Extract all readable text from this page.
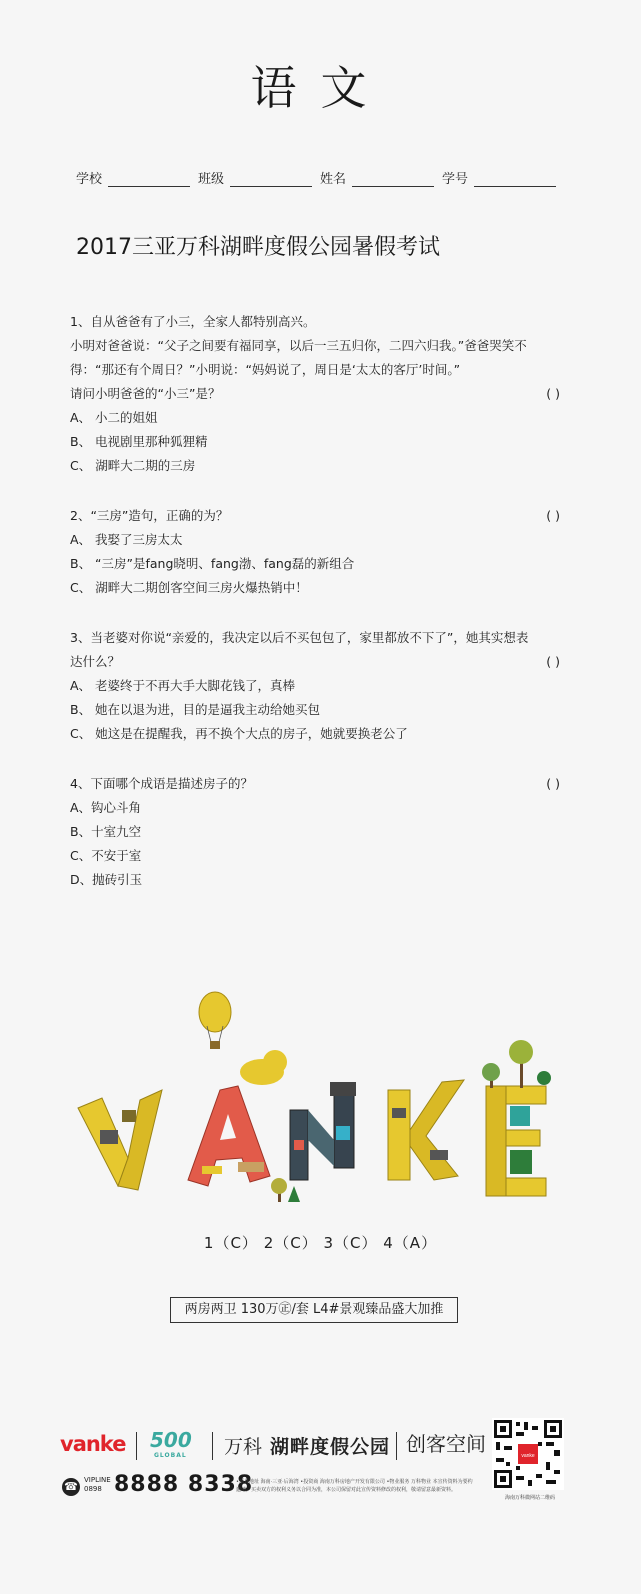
语文
学校	班级	姓名	学号
2017三亚万科湖畔度假公园暑假考试

1、自从爸爸有了小三，全家人都特别高兴。

小明对爸爸说：“父子之间要有福同享，以后一三五归你，二四六归我。”爸爸哭笑不

得：“那还有个周日？”小明说：“妈妈说了，周日是‘太太的客厅’时间。”

请问小明爸爸的“小三”是？	( )

A、 小二的姐姐

B、 电视剧里那种狐狸精

C、 湖畔大二期的三房

2、“三房”造句，正确的为？	( )

A、 我娶了三房太太

B、 “三房”是fang晓明、fang渤、fang磊的新组合

C、 湖畔大二期创客空间三房火爆热销中！

3、当老婆对你说“亲爱的，我决定以后不买包包了，家里都放不下了”，她其实想表

达什么？	( )

A、 老婆终于不再大手大脚花钱了，真棒

B、 她在以退为进，目的是逼我主动给她买包

C、 她这是在提醒我，再不换个大点的房子，她就要换老公了

4、下面哪个成语是描述房子的？	( )

A、钩心斗角

B、十室九空

C、不安于室

D、抛砖引玉

1（C） 2（C） 3（C） 4（A）
两房两卫 130万㊣/套 L4#景观臻品盛大加推
vanke 500
GLOBAL 万科 湖畔度假公园 创客空间
☎ VIPLINE
0898 8888 8338
•项目地址 海南·三亚·后海湾 •投资商 海南万科房地产开发有限公司 •物业服务 万科物业 本宣传资料为要约邀请，买卖双方的权利义务以合同为准，本公司保留对此宣传资料修改的权利，敬请留意最新资料。
vanke
海南万科微网站二维码
